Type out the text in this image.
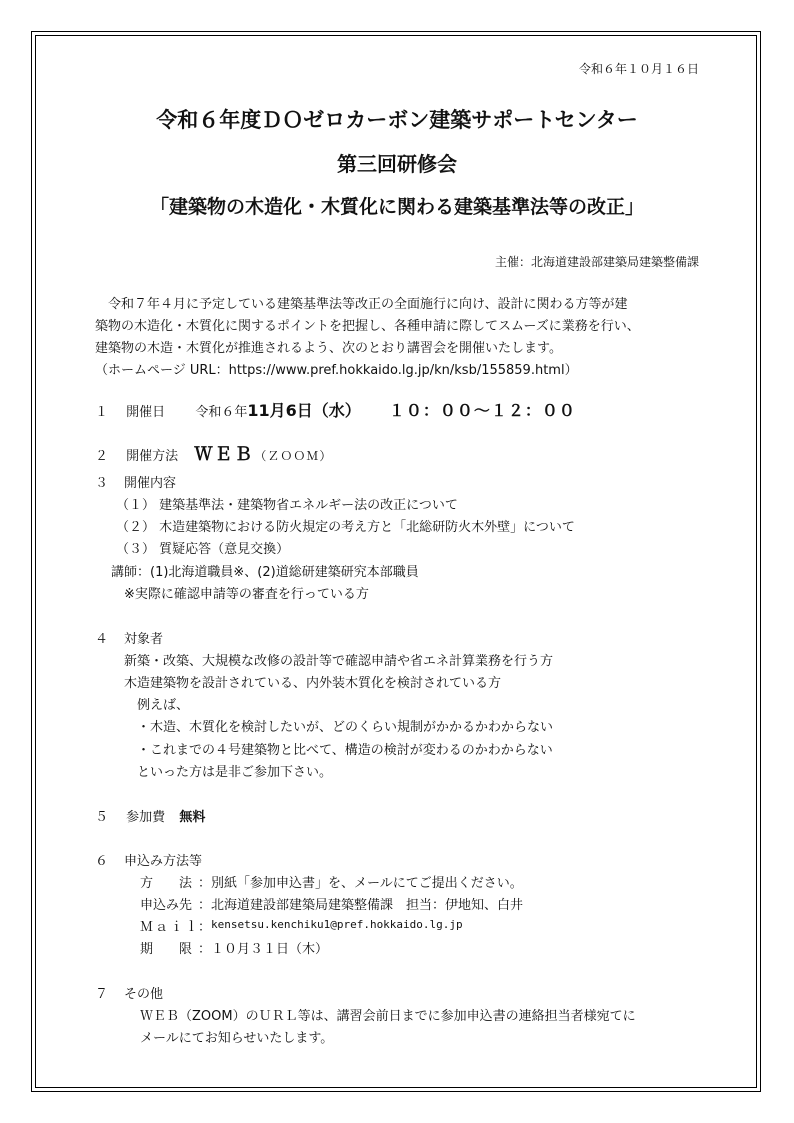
令和６年１０月１６日
令和６年度ＤＯゼロカーボン建築サポートセンター
第三回研修会
「建築物の木造化・木質化に関わる建築基準法等の改正」
主催：北海道建設部建築局建築整備課
　令和７年４月に予定している建築基準法等改正の全面施行に向け、設計に関わる方等が建
築物の木造化・木質化に関するポイントを把握し、各種申請に際してスムーズに業務を行い、
建築物の木造・木質化が推進されるよう、次のとおり講習会を開催いたします。
（ホームページ URL：https://www.pref.hokkaido.lg.jp/kn/ksb/155859.html）
１ 開催日 令和６年11月6日（水） １０：００～１２：００
２ 開催方法 ＷＥＢ（ＺＯＯＭ）
３ 開催内容
（１） 建築基準法・建築物省エネルギー法の改正について
（２） 木造建築物における防火規定の考え方と「北総研防火木外壁」について
（３） 質疑応答（意見交換）
講師：(1)北海道職員※、(2)道総研建築研究本部職員
※実際に確認申請等の審査を行っている方
４ 対象者
新築・改築、大規模な改修の設計等で確認申請や省エネ計算業務を行う方
木造建築物を設計されている、内外装木質化を検討されている方
　例えば、
　・木造、木質化を検討したいが、どのくらい規制がかかるかわからない
　・これまでの４号建築物と比べて、構造の検討が変わるのかわからない
　といった方は是非ご参加下さい。
５ 参加費 無料
６ 申込み方法等
方　　法 ：別紙「参加申込書」を、メールにてご提出ください。
申込み先 ：北海道建設部建築局建築整備課　担当：伊地知、白井
Ｍａｉｌ
： kensetsu.kenchiku1@pref.hokkaido.lg.jp
期　　限 ：１０月３１日（木）
７ その他
ＷＥＢ（ZOOM）のＵＲＬ等は、講習会前日までに参加申込書の連絡担当者様宛てに
メールにてお知らせいたします。
